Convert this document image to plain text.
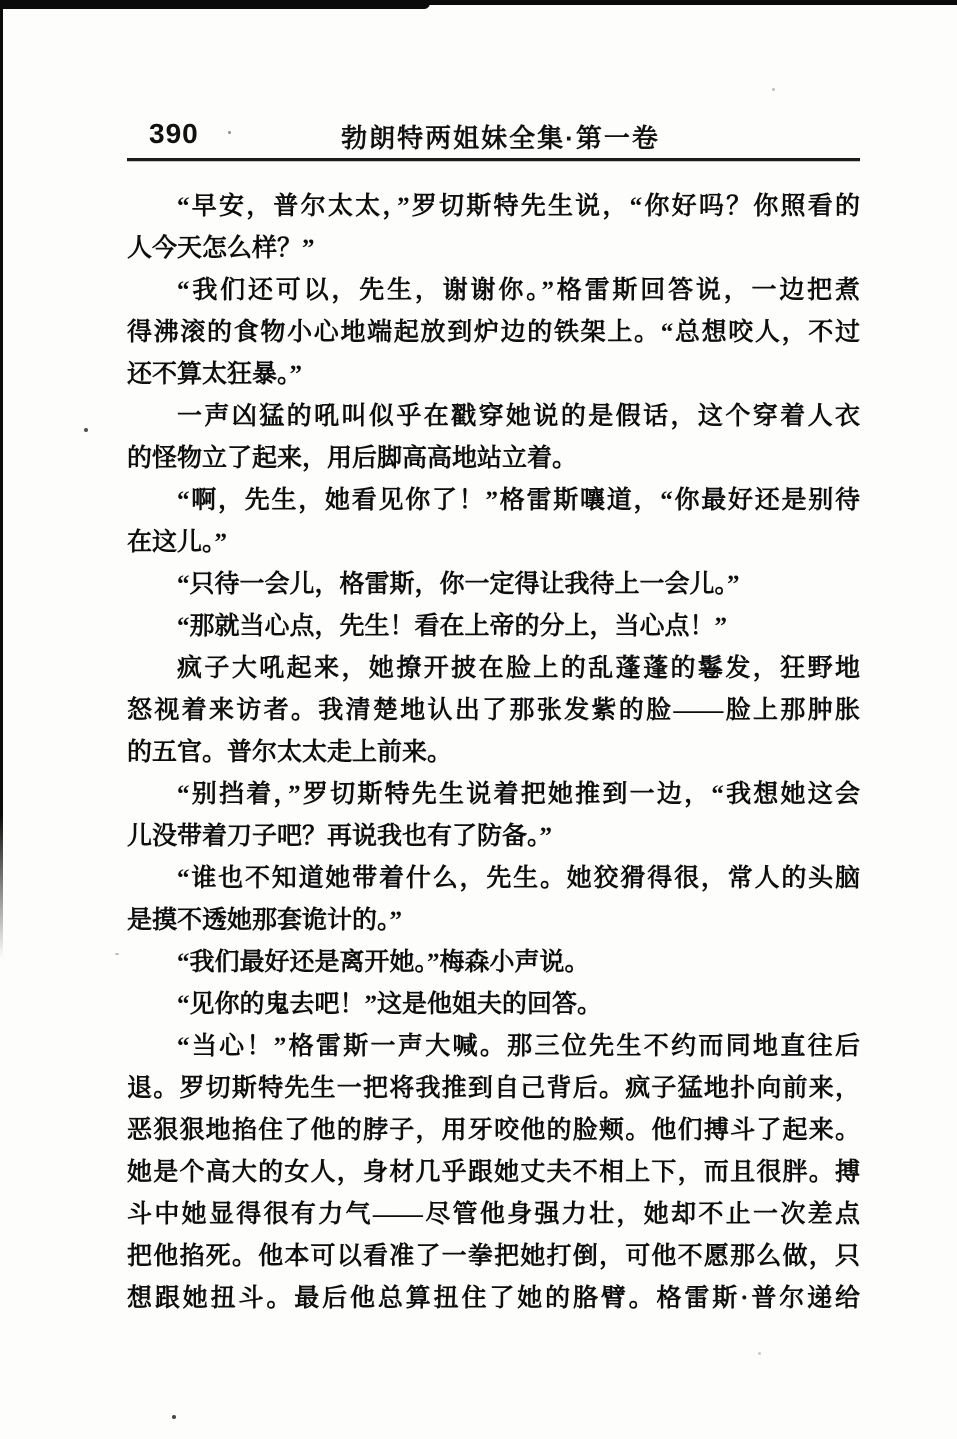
390	勃朗特两姐妹全集·第一卷
“早安，普尔太太，”罗切斯特先生说，“你好吗？你照看的
人今天怎么样？”
“我们还可以，先生，谢谢你。”格雷斯回答说，一边把煮
得沸滚的食物小心地端起放到炉边的铁架上。“总想咬人，不过
还不算太狂暴。”
一声凶猛的吼叫似乎在戳穿她说的是假话，这个穿着人衣
的怪物立了起来，用后脚高高地站立着。
“啊，先生，她看见你了！”格雷斯嚷道，“你最好还是别待
在这儿。”
“只待一会儿，格雷斯，你一定得让我待上一会儿。”
“那就当心点，先生！看在上帝的分上，当心点！”
疯子大吼起来，她撩开披在脸上的乱蓬蓬的鬈发，狂野地
怒视着来访者。我清楚地认出了那张发紫的脸——脸上那肿胀
的五官。普尔太太走上前来。
“别挡着，”罗切斯特先生说着把她推到一边，“我想她这会
儿没带着刀子吧？再说我也有了防备。”
“谁也不知道她带着什么，先生。她狡猾得很，常人的头脑
是摸不透她那套诡计的。”
“我们最好还是离开她。”梅森小声说。
“见你的鬼去吧！”这是他姐夫的回答。
“当心！”格雷斯一声大喊。那三位先生不约而同地直往后
退。罗切斯特先生一把将我推到自己背后。疯子猛地扑向前来，
恶狠狠地掐住了他的脖子，用牙咬他的脸颊。他们搏斗了起来。
她是个高大的女人，身材几乎跟她丈夫不相上下，而且很胖。搏
斗中她显得很有力气——尽管他身强力壮，她却不止一次差点
把他掐死。他本可以看准了一拳把她打倒，可他不愿那么做，只
想跟她扭斗。最后他总算扭住了她的胳臂。格雷斯·普尔递给
